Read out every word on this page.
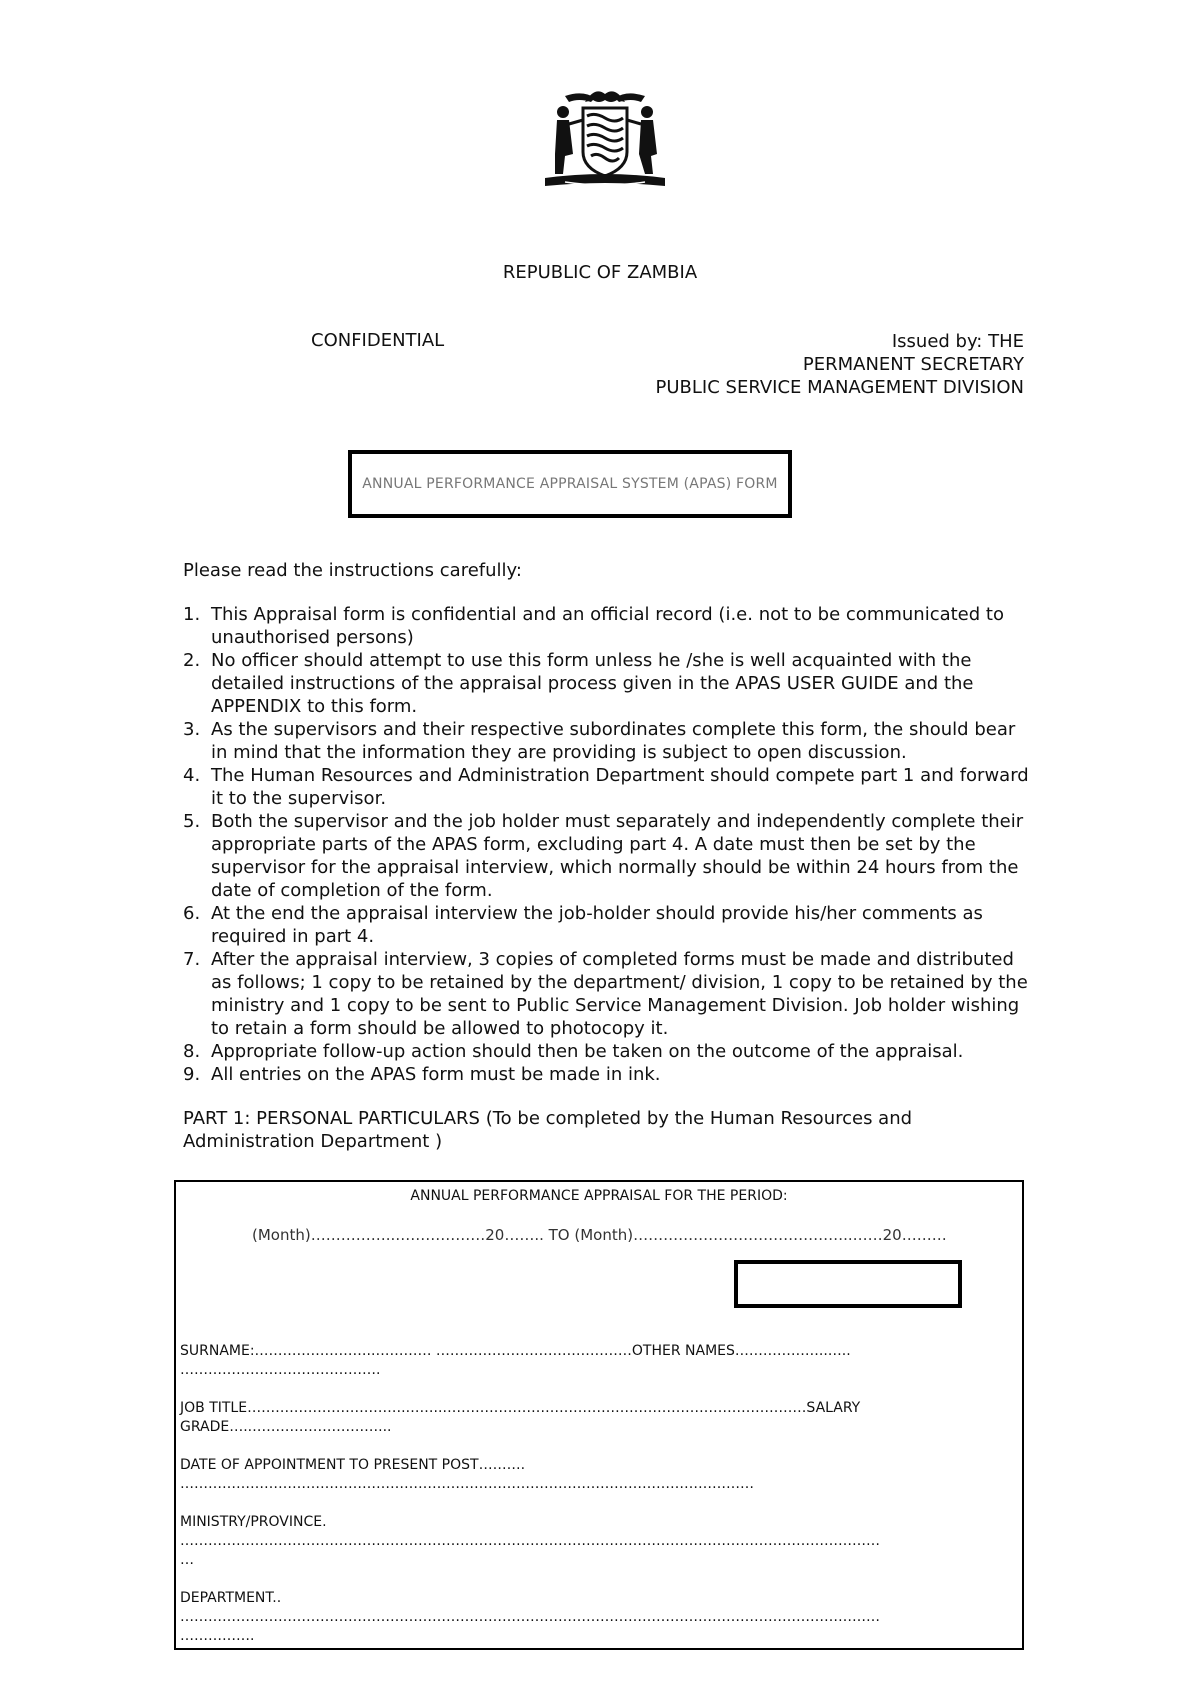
REPUBLIC OF ZAMBIA
CONFIDENTIAL	Issued by: THE
PERMANENT SECRETARY
PUBLIC SERVICE MANAGEMENT DIVISION
ANNUAL PERFORMANCE APPRAISAL SYSTEM (APAS) FORM
Please read the instructions carefully:
1. This Appraisal form is confidential and an official record (i.e. not to be communicated to unauthorised persons)
2. No officer should attempt to use this form unless he /she is well acquainted with the detailed instructions of the appraisal process given in the APAS USER GUIDE and the APPENDIX to this form.
3. As the supervisors and their respective subordinates complete this form, the should bear in mind that the information they are providing is subject to open discussion.
4. The Human Resources and Administration Department should compete part 1 and forward it to the supervisor.
5. Both the supervisor and the job holder must separately and independently complete their appropriate parts of the APAS form, excluding part 4. A date must then be set by the supervisor for the appraisal interview, which normally should be within 24 hours from the date of completion of the form.
6. At the end the appraisal interview the job-holder should provide his/her comments as required in part 4.
7. After the appraisal interview, 3 copies of completed forms must be made and distributed as follows; 1 copy to be retained by the department/ division, 1 copy to be retained by the ministry and 1 copy to be sent to Public Service Management Division. Job holder wishing to retain a form should be allowed to photocopy it.
8. Appropriate follow-up action should then be taken on the outcome of the appraisal.
9. All entries on the APAS form must be made in ink.
PART 1: PERSONAL PARTICULARS (To be completed by the Human Resources and Administration Department )
ANNUAL PERFORMANCE APPRAISAL FOR THE PERIOD:
(Month)……………..………………20…….. TO (Month)……………………………………..……20………
SURNAME:……………………..………… ……………………………………OTHER NAMES………………..…..
…………………………………….
JOB TITLE…………………………….……..……………………………………………………………………SALARY
GRADE…..………………………...
DATE OF APPOINTMENT TO PRESENT POST……….
……………………………………………………………………………………………………………
MINISTRY/PROVINCE.
……………………………………………………………………………………………………………………………………
…
DEPARTMENT..
……………………………………………………………………………………………………………………………………
…………….
